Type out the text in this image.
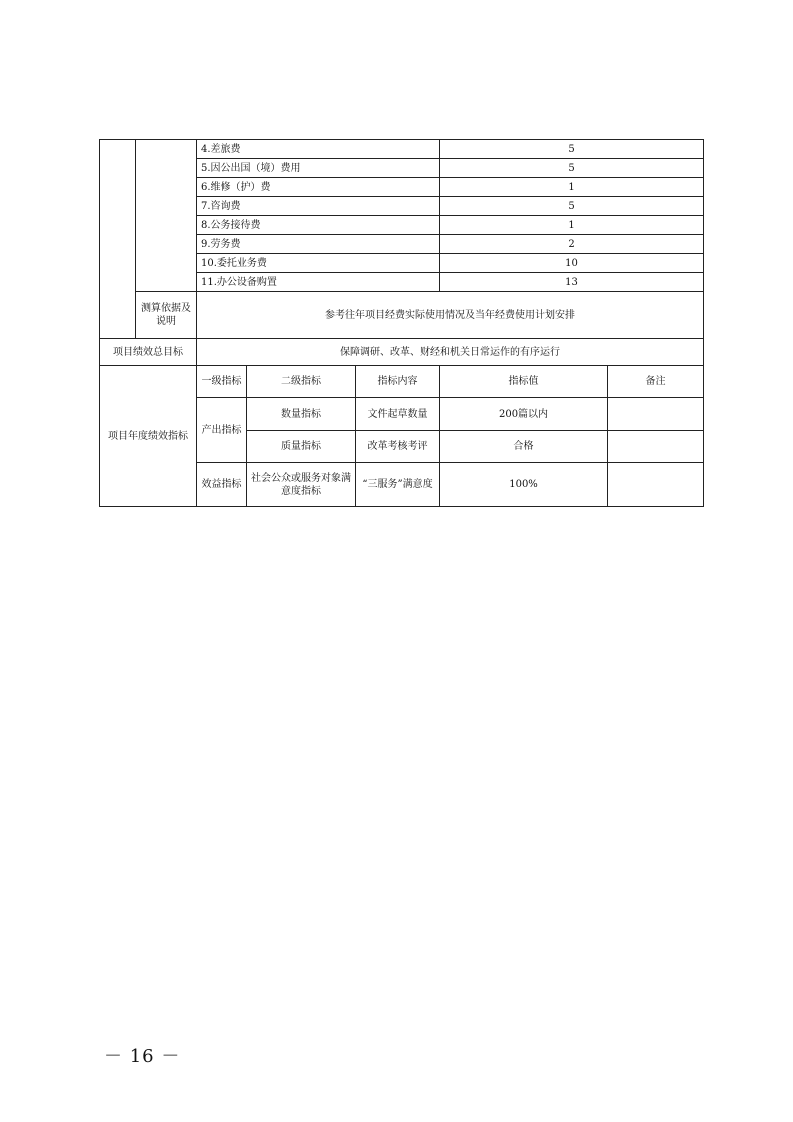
		4.差旅费			5	
		5.因公出国（境）费用			5	
		6.维修（护）费			1	
		7.咨询费			5	
		8.公务接待费			1	
		9.劳务费			2	
		10.委托业务费			10	
		11.办公设备购置			13	
	测算依据及说明	参考往年项目经费实际使用情况及当年经费使用计划安排				
项目绩效总目标		保障调研、改革、财经和机关日常运作的有序运行				
项目年度绩效指标		一级指标	二级指标	指标内容	指标值	备注
		产出指标	数量指标	文件起草数量	200篇以内	
			质量指标	改革考核考评	合格	
		效益指标	社会公众或服务对象满意度指标	“三服务”满意度	100%	
－ 16 －
